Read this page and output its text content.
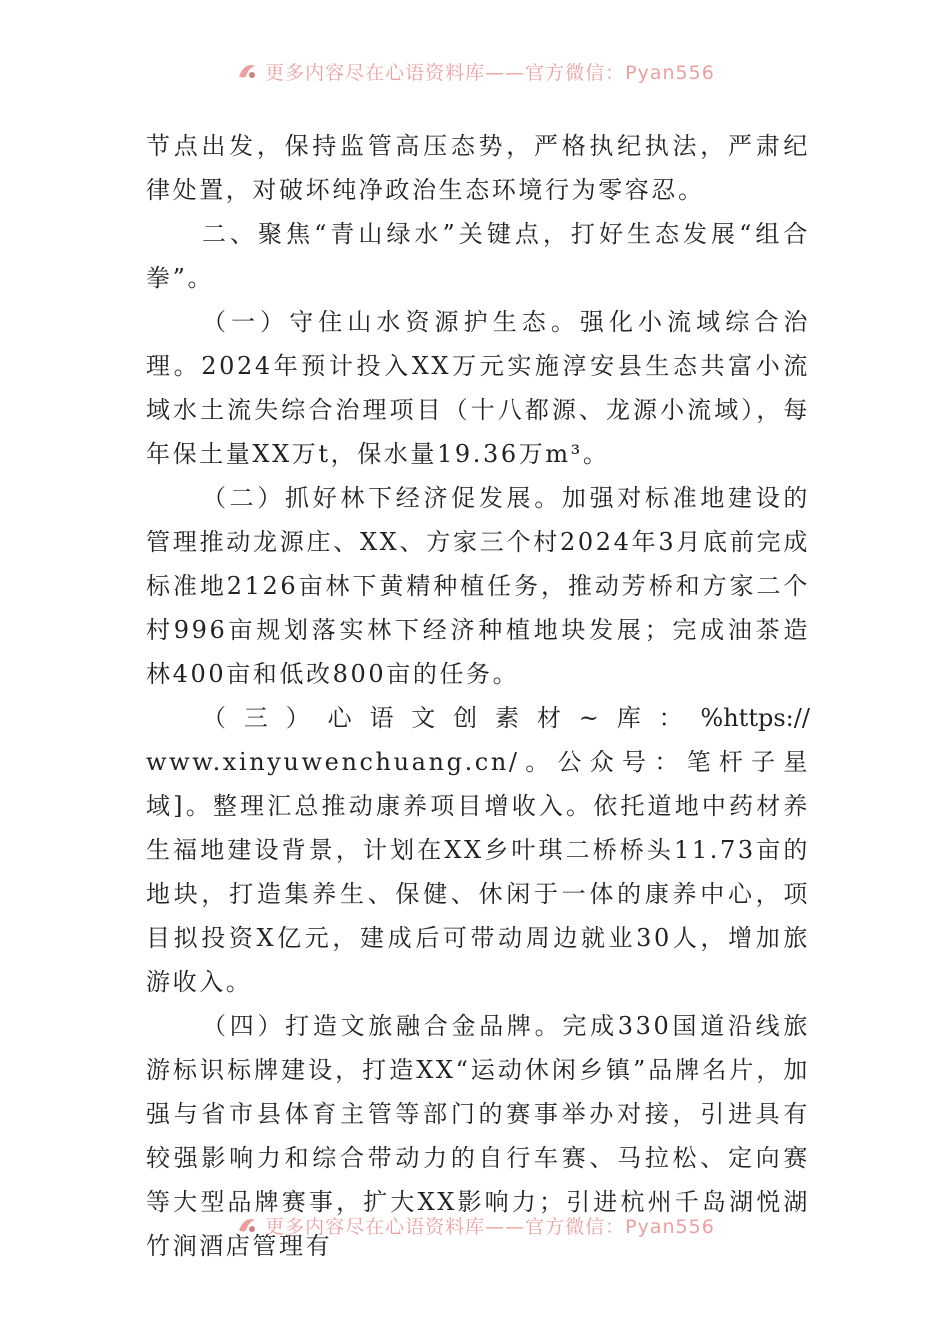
更多内容尽在心语资料库——官方微信：Pyan556

节点出发，保持监管高压态势，严格执纪执法，严肃纪律处置，对破坏纯净政治生态环境行为零容忍。

二、聚焦“青山绿水”关键点，打好生态发展“组合拳”。

（一）守住山水资源护生态。强化小流域综合治理。2024年预计投入XX万元实施淳安县生态共富小流域水土流失综合治理项目（十八都源、龙源小流域），每年保土量XX万t，保水量19.36万m³。

（二）抓好林下经济促发展。加强对标准地建设的管理推动龙源庄、XX、方家三个村2024年3月底前完成标准地2126亩林下黄精种植任务，推动芳桥和方家二个村996亩规划落实林下经济种植地块发展；完成油茶造林400亩和低改800亩的任务。

（ 三 ） 心 语 文 创 素 材 ~ 库 ： %https://

www.xinyuwenchuang.cn/。公众号：笔杆子星域]。整理汇总推动康养项目增收入。依托道地中药材养生福地建设背景，计划在XX乡叶琪二桥桥头11.73亩的地块，打造集养生、保健、休闲于一体的康养中心，项目拟投资X亿元，建成后可带动周边就业30人，增加旅游收入。

（四）打造文旅融合金品牌。完成330国道沿线旅游标识标牌建设，打造XX“运动休闲乡镇”品牌名片，加强与省市县体育主管等部门的赛事举办对接，引进具有较强影响力和综合带动力的自行车赛、马拉松、定向赛等大型品牌赛事，扩大XX影响力；引进杭州千岛湖悦湖竹涧酒店管理有

更多内容尽在心语资料库——官方微信：Pyan556
